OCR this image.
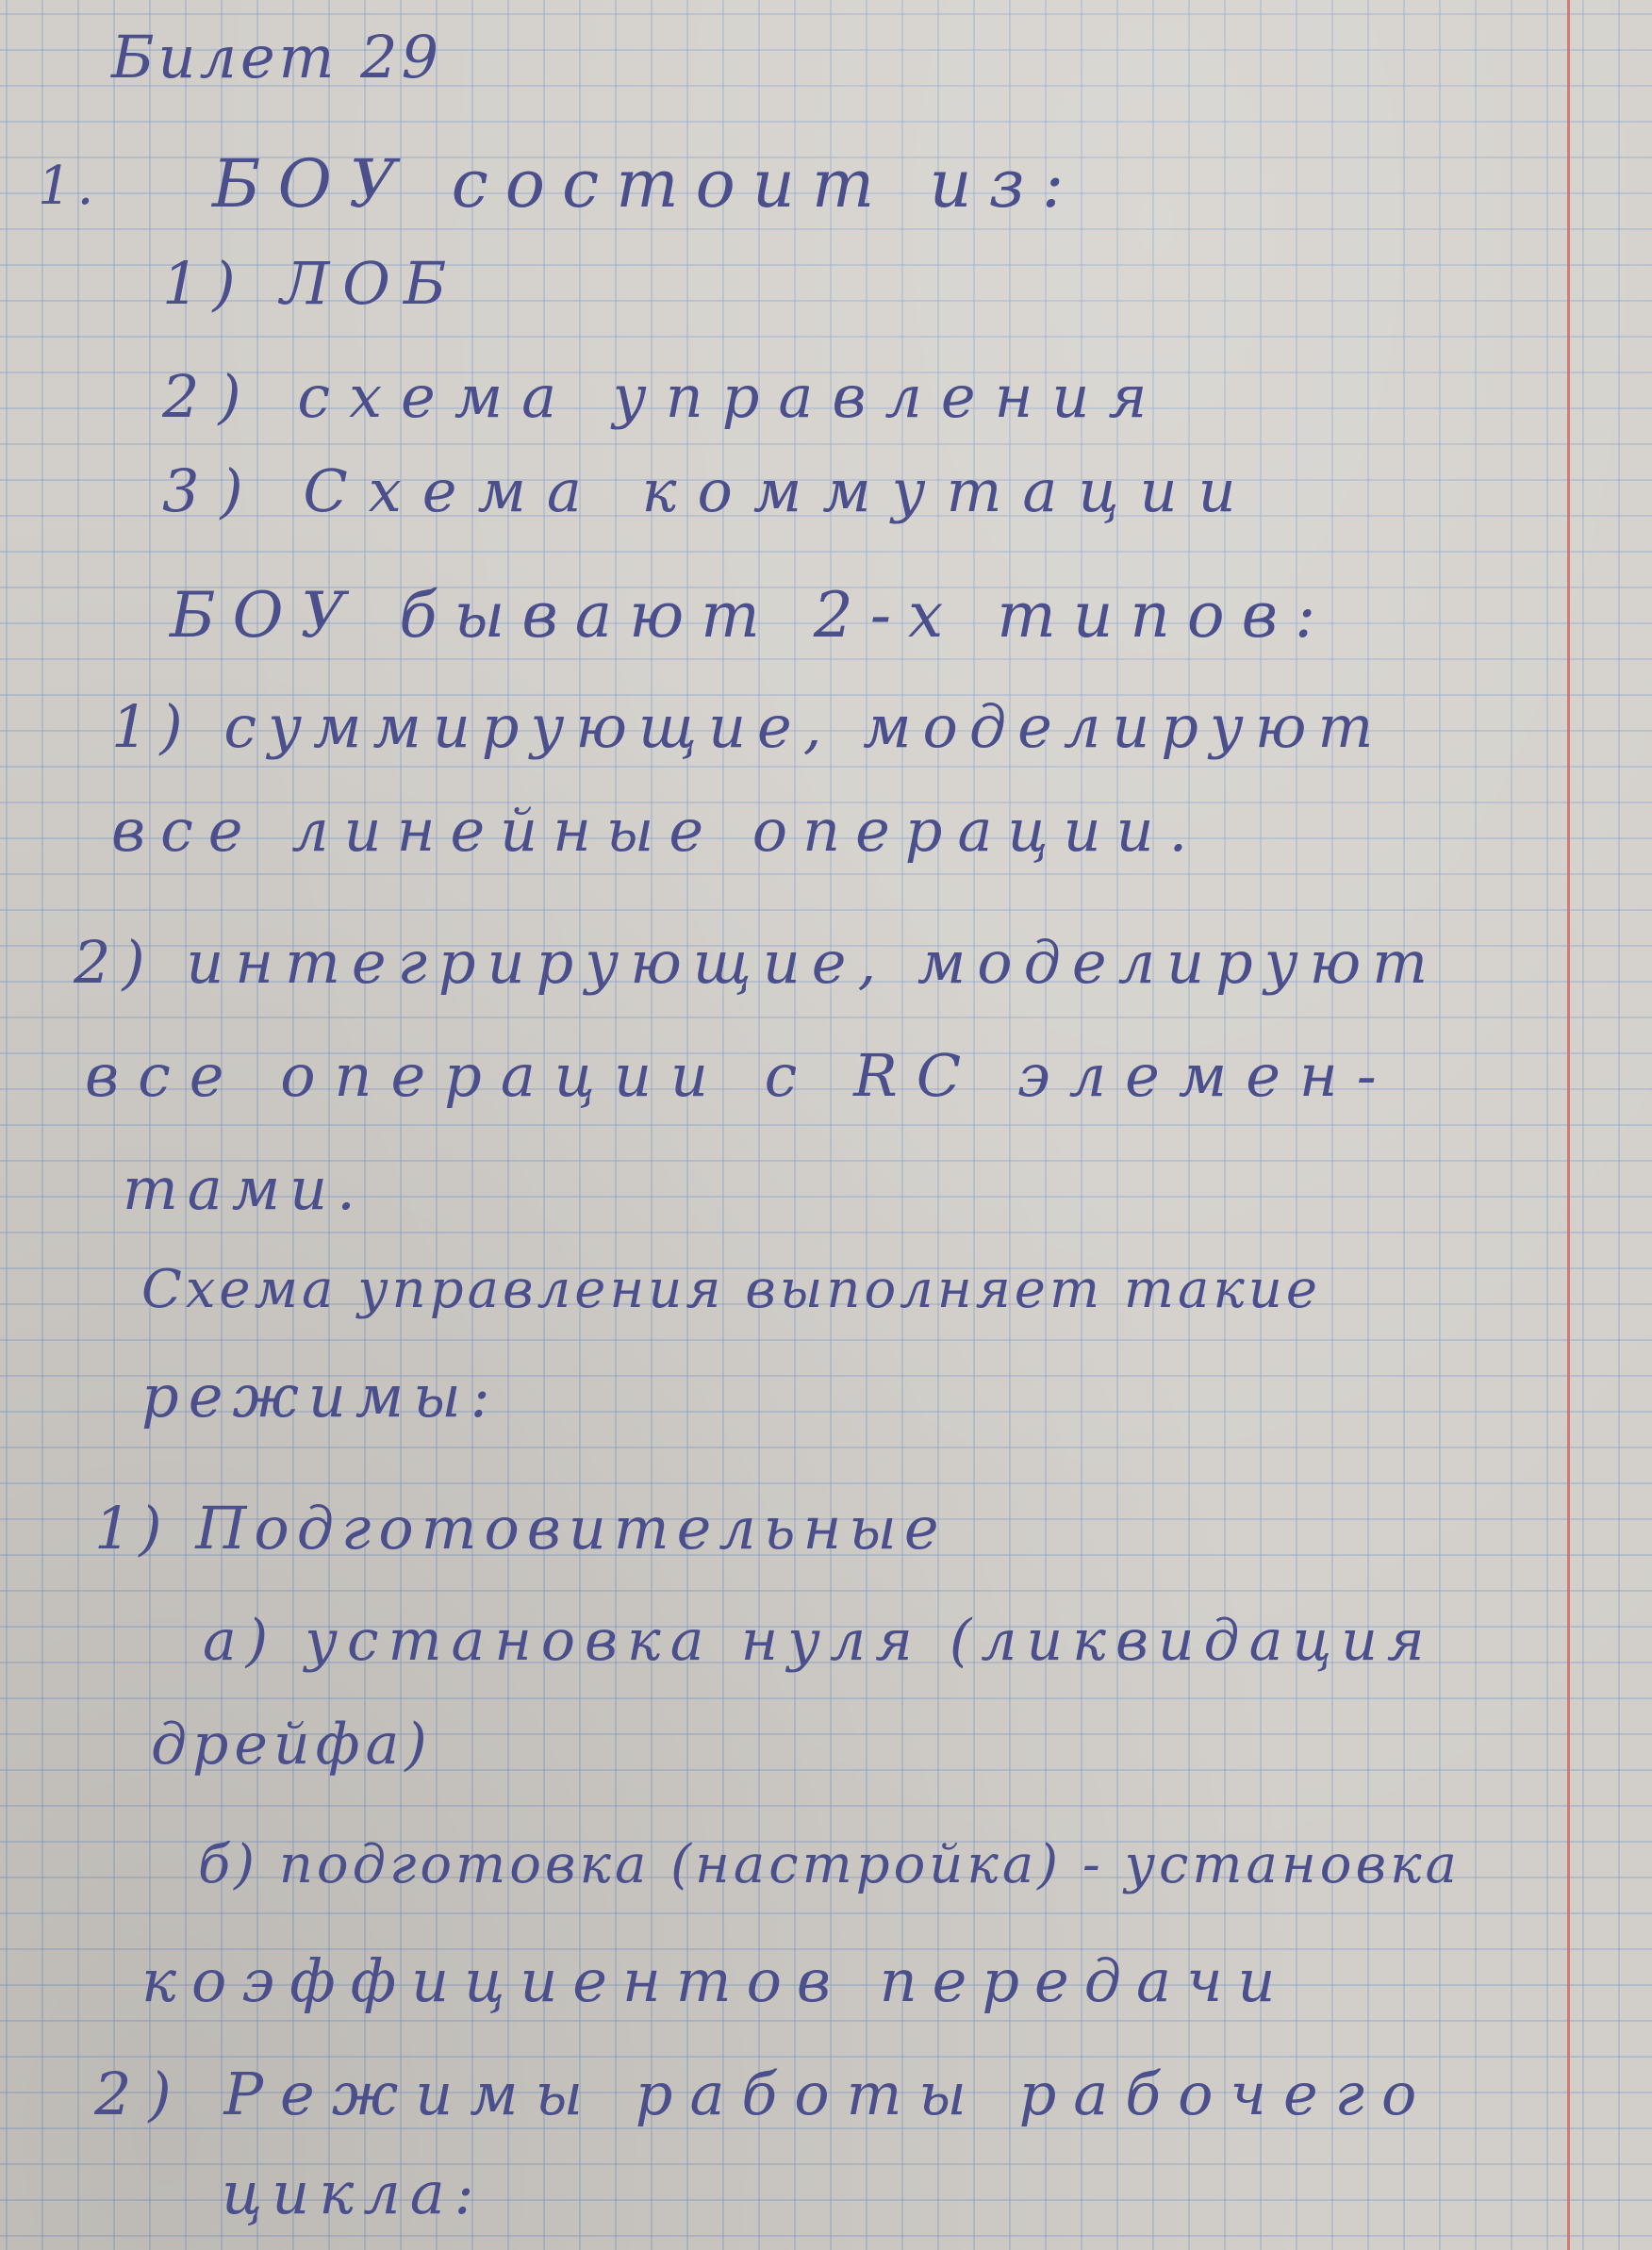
Билет 29
1. БОУ состоит из:
1) ЛОБ
2) схема управления
3) Схема коммутации
БОУ бывают 2-х типов:
1) суммирующие, моделируют
все линейные операции.
2) интегрирующие, моделируют
все операции с RC элемен-
тами.
Схема управления выполняет такие
режимы:
1) Подготовительные
а) установка нуля (ликвидация
дрейфа)
б) подготовка (настройка) - установка
коэффициентов передачи
2) Режимы работы рабочего
цикла:
